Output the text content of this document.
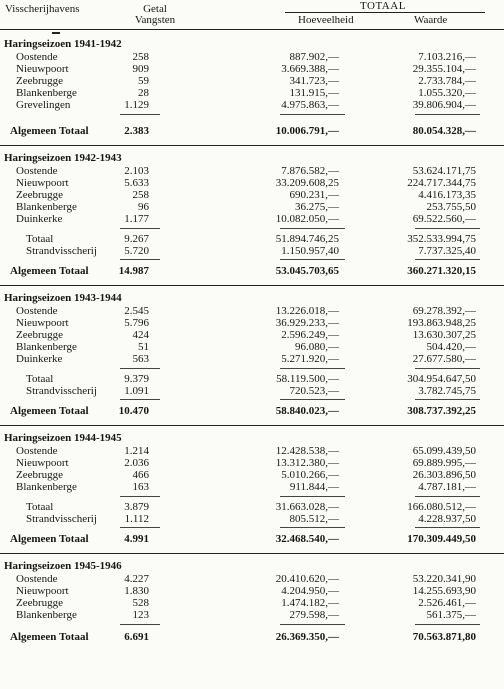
Visscherijhavens	Getal
Vangsten
TOTAAL
Hoeveelheid	Waarde
Haringseizoen 1941-1942
Oostende	258	887.902,—	7.103.216,—
Nieuwpoort	909	3.669.388,—	29.355.104,—
Zeebrugge	59	341.723,—	2.733.784,—
Blankenberge	28	131.915,—	1.055.320,—
Grevelingen	1.129	4.975.863,—	39.806.904,—
Algemeen Totaal	2.383	10.006.791,—	80.054.328,—
Haringseizoen 1942-1943
Oostende	2.103	7.876.582,—	53.624.171,75
Nieuwpoort	5.633	33.209.608,25	224.717.344,75
Zeebrugge	258	690.231,—	4.416.173,35
Blankenberge	96	36.275,—	253.755,50
Duinkerke	1.177	10.082.050,—	69.522.560,—
Totaal	9.267	51.894.746,25	352.533.994,75
Strandvisscherij 5.720	1.150.957,40	7.737.325,40
Algemeen Totaal	14.987	53.045.703,65	360.271.320,15
Haringseizoen 1943-1944
Oostende	2.545	13.226.018,—	69.278.392,—
Nieuwpoort	5.796	36.929.233,—	193.863.948,25
Zeebrugge	424	2.596.249,—	13.630.307,25
Blankenberge	51	96.080,—	504.420,—
Duinkerke	563	5.271.920,—	27.677.580,—
Totaal	9.379	58.119.500,—	304.954.647,50
Strandvisscherij 1.091	720.523,—	3.782.745,75
Algemeen Totaal	10.470	58.840.023,—	308.737.392,25
Haringseizoen 1944-1945
Oostende	1.214	12.428.538,—	65.099.439,50
Nieuwpoort	2.036	13.312.380,—	69.889.995,—
Zeebrugge	466	5.010.266,—	26.303.896,50
Blankenberge	163	911.844,—	4.787.181,—
Totaal	3.879	31.663.028,—	166.080.512,—
Strandvisscherij	1.112	805.512,—	4.228.937,50
Algemeen Totaal	4.991	32.468.540,—	170.309.449,50
Haringseizoen 1945-1946
Oostende	4.227	20.410.620,—	53.220.341,90
Nieuwpoort	1.830	4.204.950,—	14.255.693,90
Zeebrugge	528	1.474.182,—	2.526.461,—
Blankenberge	123	279.598,—	561.375,—
Algemeen Totaal	6.691	26.369.350,—	70.563.871,80
